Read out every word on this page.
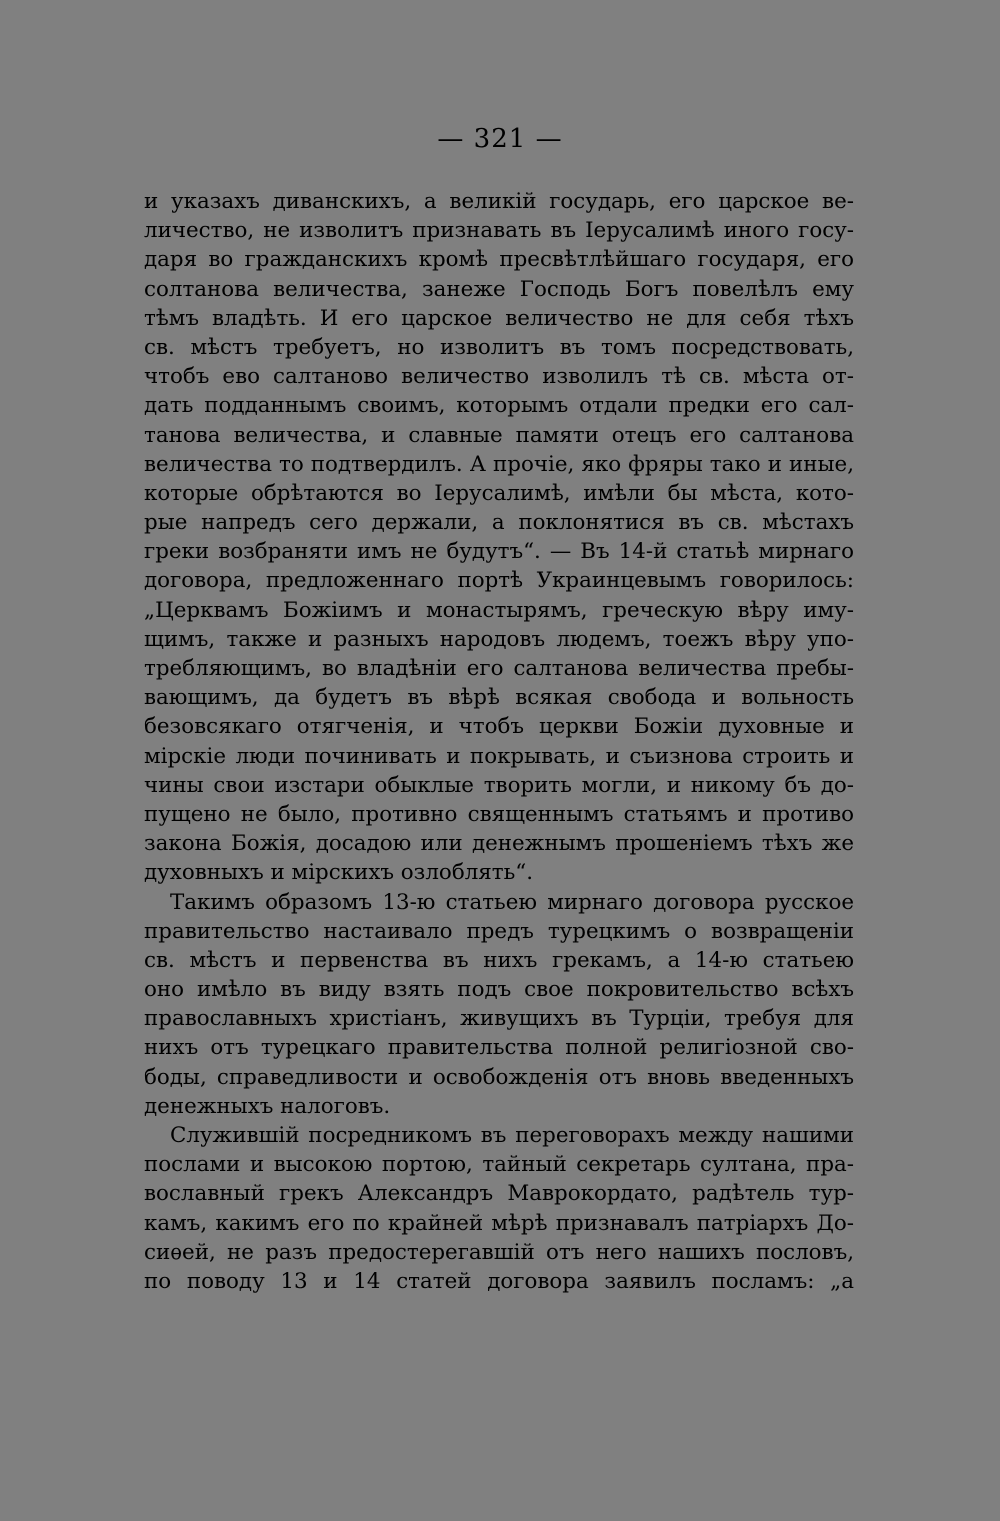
— 321 —
и указахъ диванскихъ, а великій государь, его царское ве-
личество, не изволитъ признавать въ Іерусалимѣ иного госу-
даря во гражданскихъ кромѣ пресвѣтлѣйшаго государя, его
солтанова величества, занеже Господь Богъ повелѣлъ ему
тѣмъ владѣть. И его царское величество не для себя тѣхъ
св. мѣстъ требуетъ, но изволитъ въ томъ посредствовать,
чтобъ ево салтаново величество изволилъ тѣ св. мѣста от-
дать подданнымъ своимъ, которымъ отдали предки его сал-
танова величества, и славные памяти отецъ его салтанова
величества то подтвердилъ. А прочіе, яко фряры тако и иные,
которые обрѣтаются во Іерусалимѣ, имѣли бы мѣста, кото-
рые напредъ сего держали, а поклонятися въ св. мѣстахъ
греки возбраняти имъ не будутъ“. — Въ 14-й статьѣ мирнаго
договора, предложеннаго портѣ Украинцевымъ говорилось:
„Церквамъ Божіимъ и монастырямъ, греческую вѣру иму-
щимъ, также и разныхъ народовъ людемъ, тоежъ вѣру упо-
требляющимъ, во владѣніи его салтанова величества пребы-
вающимъ, да будетъ въ вѣрѣ всякая свобода и вольность
безовсякаго отягченія, и чтобъ церкви Божіи духовные и
мірскіе люди починивать и покрывать, и съизнова строить и
чины свои изстари обыклые творить могли, и никому бъ до-
пущено не было, противно священнымъ статьямъ и противо
закона Божія, досадою или денежнымъ прошеніемъ тѣхъ же
духовныхъ и мірскихъ озлоблять“.
Такимъ образомъ 13-ю статьею мирнаго договора русское
правительство настаивало предъ турецкимъ о возвращеніи
св. мѣстъ и первенства въ нихъ грекамъ, а 14-ю статьею
оно имѣло въ виду взять подъ свое покровительство всѣхъ
православныхъ христіанъ, живущихъ въ Турціи, требуя для
нихъ отъ турецкаго правительства полной религіозной сво-
боды, справедливости и освобожденія отъ вновь введенныхъ
денежныхъ налоговъ.
Служившій посредникомъ въ переговорахъ между нашими
послами и высокою портою, тайный секретарь султана, пра-
вославный грекъ Александръ Маврокордато, радѣтель тур-
камъ, какимъ его по крайней мѣрѣ признавалъ патріархъ До-
сиѳей, не разъ предостерегавшій отъ него нашихъ пословъ,
по поводу 13 и 14 статей договора заявилъ посламъ: „а
